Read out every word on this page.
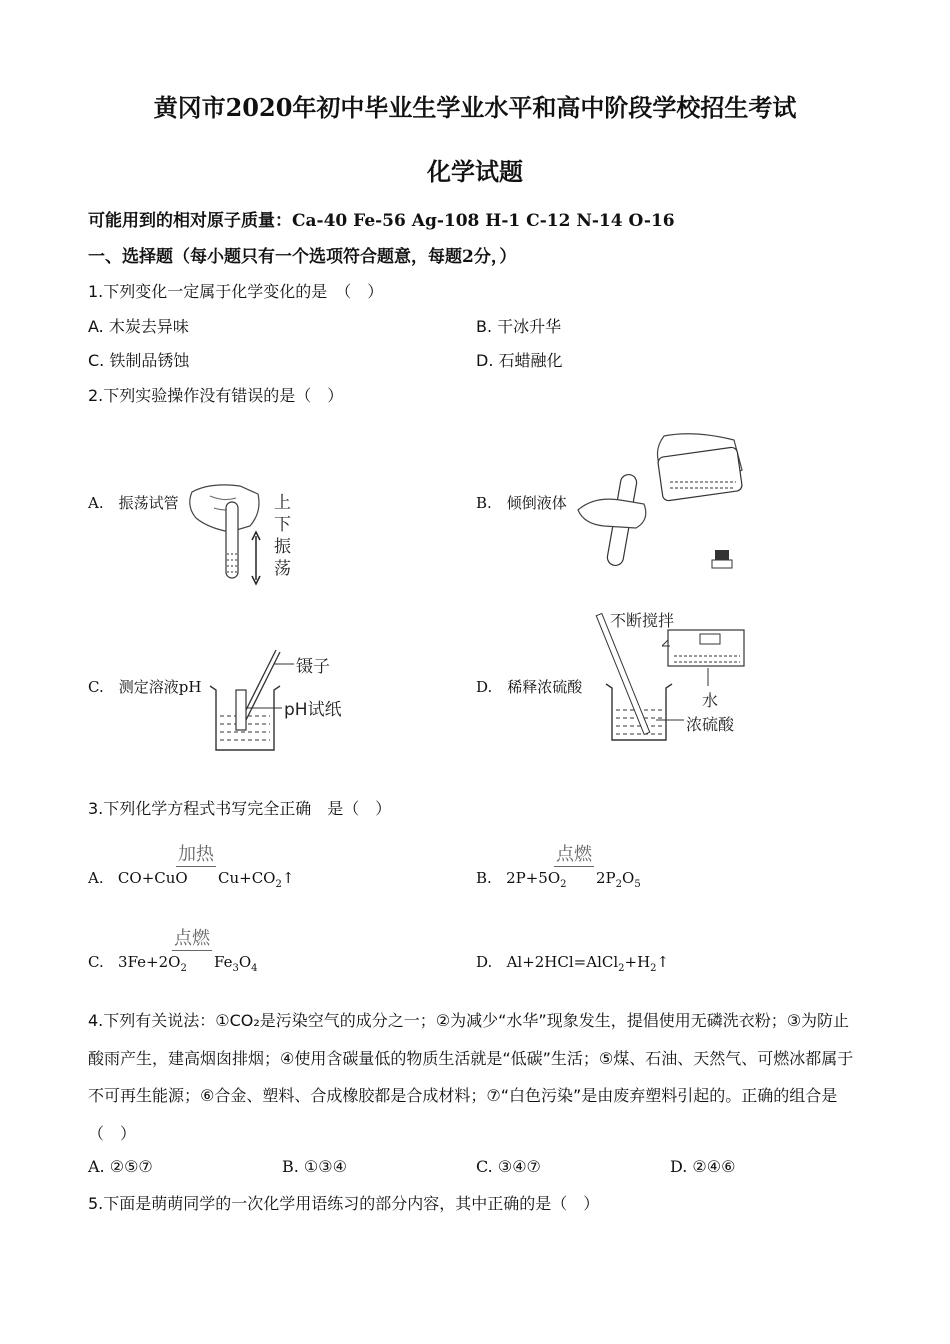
黄冈市2020年初中毕业生学业水平和高中阶段学校招生考试
化学试题
可能用到的相对原子质量：Ca-40 Fe-56 Ag-108 H-1 C-12 N-14 O-16
一、选择题（每小题只有一个选项符合题意，每题2分，）
1.下列变化一定属于化学变化的是　（　）
A. 木炭去异味	B. 干冰升华
C. 铁制品锈蚀	D. 石蜡融化
2.下列实验操作没有错误的是（　）
A.　振荡试管	上
下
振
荡
B.　倾倒液体
C.　测定溶液pH
镊子
pH试纸
D.　稀释浓硫酸
不断搅拌
水
浓硫酸
3.下列化学方程式书写完全正确　是（　）
A.   CO+CuO
加热
$Cu+CO_2↑$	B.   $2P+5O_2$
点燃
$2P_2O_5$
C.   $3Fe+2O_2$
点燃
$Fe_3O_4$	D.   $Al+2HCl=AlCl_2+H_2↑$
4.下列有关说法：①CO₂是污染空气的成分之一；②为减少“水华”现象发生，提倡使用无磷洗衣粉；③为防止酸雨产生，建高烟囱排烟；④使用含碳量低的物质生活就是“低碳”生活；⑤煤、石油、天然气、可燃冰都属于不可再生能源；⑥合金、塑料、合成橡胶都是合成材料；⑦“白色污染”是由废弃塑料引起的。正确的组合是（　）
A. ②⑤⑦	B. ①③④	C. ③④⑦	D. ②④⑥
5.下面是萌萌同学的一次化学用语练习的部分内容，其中正确的是（　）
